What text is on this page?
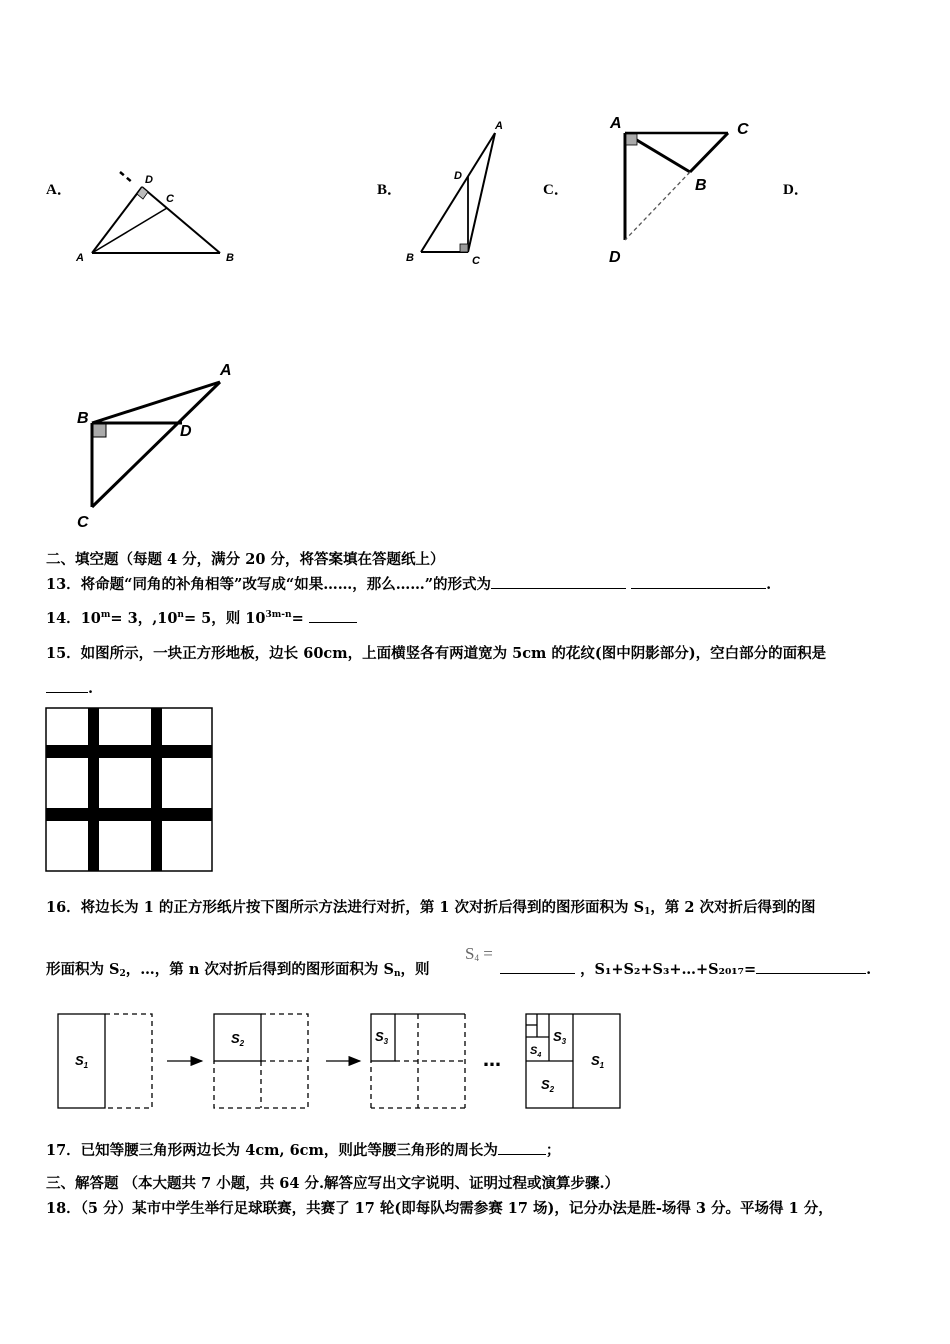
A．	B．	C．	D．
D
C
A	B
A
D
B	C
A	C
B
D
A
B
D
C
二、填空题（每题 4 分，满分 20 分，将答案填在答题纸上）
13．将命题“同角的补角相等”改写成“如果……，那么……”的形式为	.
14．$10^m= 3$，$,10^n= 5$，则 $10^{3m-n}=$
15．如图所示，一块正方形地板，边长 60cm，上面横竖各有两道宽为 5cm 的花纹(图中阴影部分)，空白部分的面积是
.
16．将边长为 1 的正方形纸片按下图所示方法进行对折，第 1 次对折后得到的图形面积为 $S_1$，第 2 次对折后得到的图
形面积为 $S_2$，…，第 n 次对折后得到的图形面积为 $S_n$，则
$S_4$ =
，S₁+S₂+S₃+…+S₂₀₁₇=	.
…
$S_1$
$S_2$	$S_3$
$S_1$
$S_2$
$S_3$
$S_4$
17．已知等腰三角形两边长为 4cm, 6cm，则此等腰三角形的周长为	；
三、解答题 （本大题共 7 小题，共 64 分.解答应写出文字说明、证明过程或演算步骤.）
18．（5 分）某市中学生举行足球联赛，共赛了 17 轮(即每队均需参赛 17 场)，记分办法是胜-场得 3 分。平场得 1 分，
